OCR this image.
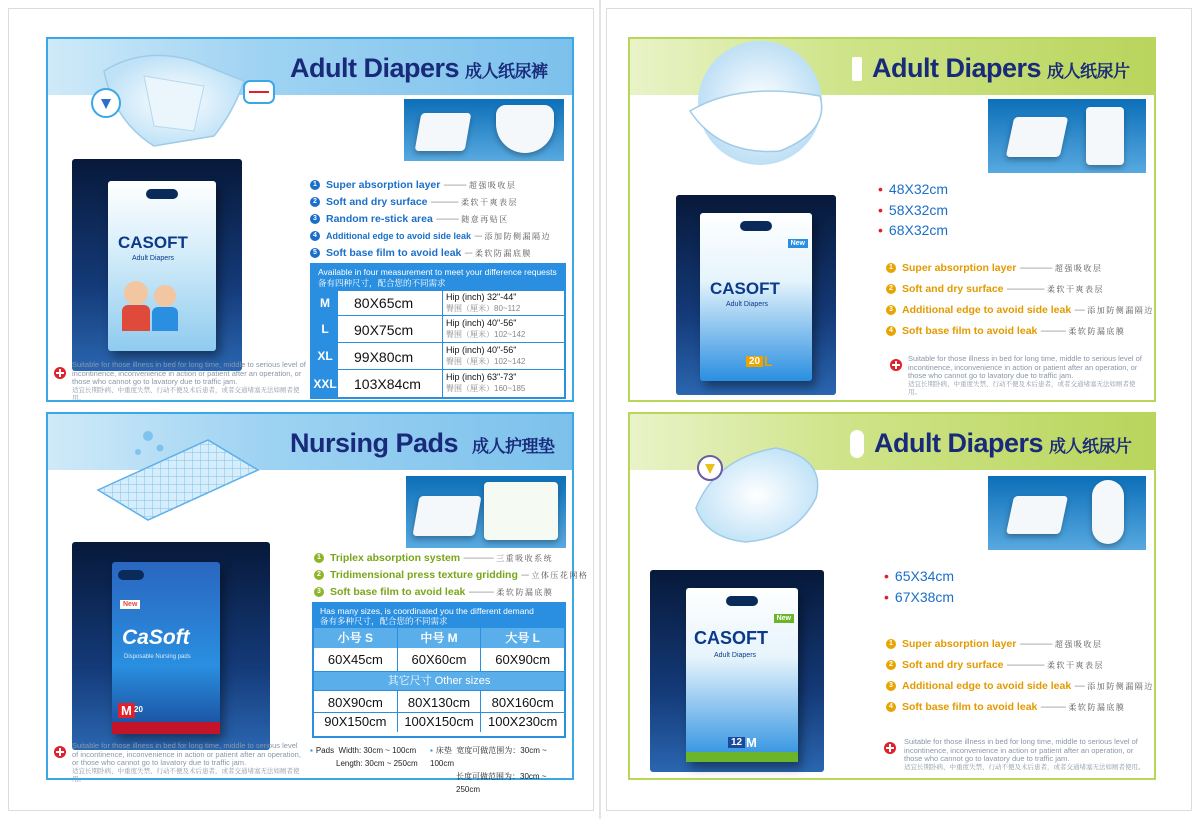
Adult Diapers 成人纸尿裤
CASOFT
Adult Diapers
1 Super absorption layer --------- 超强吸收层
2 Soft and dry surface ----------- 柔软干爽表层
3 Random re-stick area --------- 随意再贴区
4	Additional edge to avoid side leak --- 添加防侧漏隔边
5 Soft base film to avoid leak --- 柔软防漏底膜
Available in four measurement to meet your difference requests
备有四种尺寸，配合您的不同需求
M	80X65cm	Hip (inch) 32"-44"
臀围（厘米）80~112
L	90X75cm	Hip (inch) 40"-56"
臀围（厘米）102~142
XL	99X80cm	Hip (inch) 40"-56"
臀围（厘米）102~142
XXL 103X84cm	Hip (inch) 63"-73"
臀围（厘米）160~185
Suitable for those illness in bed for long time, middle to serious level of incontinence, inconvenience in action or patient after an operation, or those who cannot go to lavatory due to traffic jam.
适宜长期卧病、中重度失禁、行动不便及术后患者，或者交通堵塞无法如厕者使用。
Adult Diapers 成人纸尿片
New
CASOFT
Adult Diapers
20 L
• 48X32cm
• 58X32cm
• 68X32cm
1 Super absorption layer ------------- 超强吸收层
2 Soft and dry surface --------------- 柔软干爽表层
3 Additional edge to avoid side leak ---- 添加防侧漏隔边
4 Soft base film to avoid leak ---------- 柔软防漏底膜
Suitable for those illness in bed for long time, middle to serious level of incontinence, inconvenience in action or patient after an operation, or those who cannot go to lavatory due to traffic jam.
适宜长期卧病、中重度失禁、行动不便及术后患者，或者交通堵塞无法如厕者使用。
Nursing Pads 成人护理垫
New
CaSoft
Disposable Nursing pads
M 20
1 Triplex absorption system ------------ 三重吸收系统
2 Tridimensional press texture gridding --- 立体压花网格
3 Soft base film to avoid leak ---------- 柔软防漏底膜
Has many sizes, is coordinated you the different demand
备有多种尺寸，配合您的不同需求
小号 S	中号 M	大号 L
60X45cm	60X60cm	60X90cm
其它尺寸 Other sizes
80X90cm	80X130cm	80X160cm
90X150cm	100X150cm	100X230cm
▪ Pads Width: 30cm ~ 100cm
Length: 30cm ~ 250cm
▪ 床垫 宽度可做范围为：30cm ~ 100cm
长度可做范围为：30cm ~ 250cm
Suitable for those illness in bed for long time, middle to serious level of incontinence, inconvenience in action or patient after an operation, or those who cannot go to lavatory due to traffic jam.
适宜长期卧病、中重度失禁、行动不便及术后患者，或者交通堵塞无法如厕者使用。
Adult Diapers 成人纸尿片
New
CASOFT
Adult Diapers
12 M
• 65X34cm
• 67X38cm
1 Super absorption layer ------------- 超强吸收层
2 Soft and dry surface --------------- 柔软干爽表层
3 Additional edge to avoid side leak ---- 添加防侧漏隔边
4 Soft base film to avoid leak ---------- 柔软防漏底膜
Suitable for those illness in bed for long time, middle to serious level of incontinence, inconvenience in action or patient after an operation, or those who cannot go to lavatory due to traffic jam.
适宜长期卧病、中重度失禁、行动不便及术后患者，或者交通堵塞无法如厕者使用。
